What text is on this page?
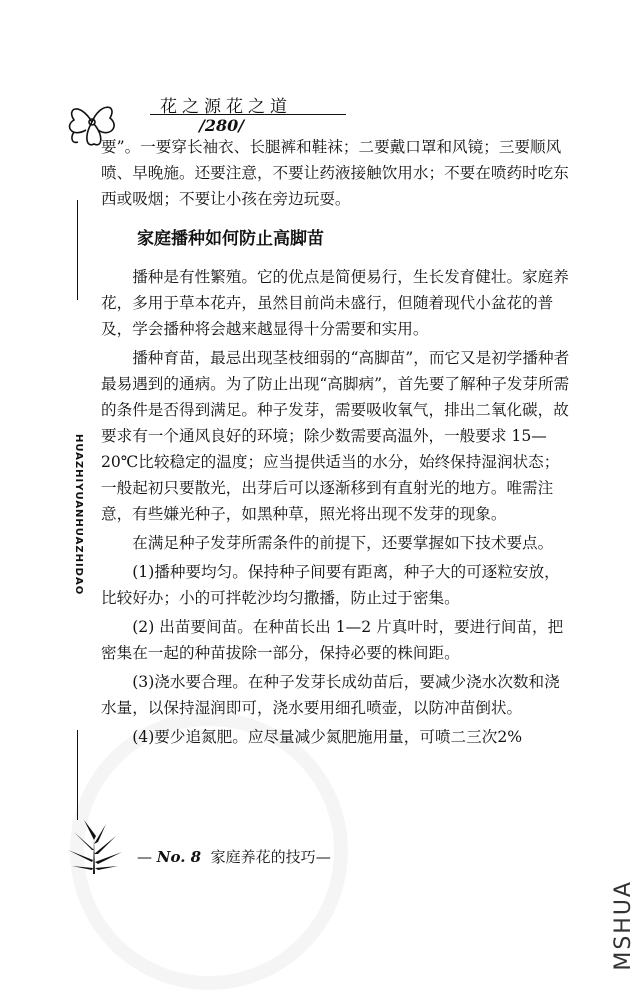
花之源花之道
/280/
HUAZHIYUANHUAZHIDAO

要”。一要穿长袖衣、长腿裤和鞋袜；二要戴口罩和风镜；三要顺风喷、早晚施。还要注意，不要让药液接触饮用水；不要在喷药时吃东西或吸烟；不要让小孩在旁边玩耍。

家庭播种如何防止高脚苗

播种是有性繁殖。它的优点是简便易行，生长发育健壮。家庭养花，多用于草本花卉，虽然目前尚未盛行，但随着现代小盆花的普及，学会播种将会越来越显得十分需要和实用。

播种育苗，最忌出现茎枝细弱的“高脚苗”，而它又是初学播种者最易遇到的通病。为了防止出现“高脚病”，首先要了解种子发芽所需的条件是否得到满足。种子发芽，需要吸收氧气，排出二氧化碳，故要求有一个通风良好的环境；除少数需要高温外，一般要求 15—20℃比较稳定的温度；应当提供适当的水分，始终保持湿润状态；一般起初只要散光，出芽后可以逐渐移到有直射光的地方。唯需注意，有些嫌光种子，如黑种草，照光将出现不发芽的现象。

在满足种子发芽所需条件的前提下，还要掌握如下技术要点。

(1)播种要均匀。保持种子间要有距离，种子大的可逐粒安放，比较好办；小的可拌乾沙均匀撒播，防止过于密集。

(2) 出苗要间苗。在种苗长出 1—2 片真叶时，要进行间苗，把密集在一起的种苗拔除一部分，保持必要的株间距。

(3)浇水要合理。在种子发芽长成幼苗后，要减少浇水次数和浇水量，以保持湿润即可，浇水要用细孔喷壶，以防冲苗倒状。

(4)要少追氮肥。应尽量减少氮肥施用量，可喷二三次2%

— No. 8 家庭养花的技巧—
MSHUA
